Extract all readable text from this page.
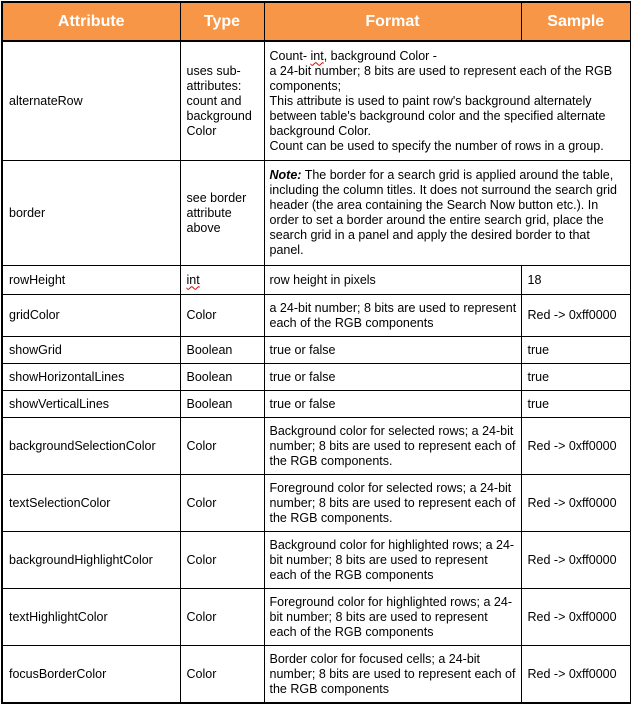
Attribute	Type	Format	Sample
alternateRow	uses sub-attributes: count and background Color	Count- int, background Color -
a 24-bit number; 8 bits are used to represent each of the RGB components;
This attribute is used to paint row's background alternately between table's background color and the specified alternate background Color.
Count can be used to specify the number of rows in a group.	

border	see border attribute above	Note: The border for a search grid is applied around the table, including the column titles. It does not surround the search grid header (the area containing the Search Now button etc.). In order to set a border around the entire search grid, place the search grid in a panel and apply the desired border to that panel.	
rowHeight	int	row height in pixels	18
gridColor	Color	a 24-bit number; 8 bits are used to represent each of the RGB components	Red -> 0xff0000
showGrid	Boolean	true or false	true
showHorizontalLines	Boolean	true or false	true
showVerticalLines	Boolean	true or false	true
backgroundSelectionColor	Color	Background color for selected rows; a 24-bit number; 8 bits are used to represent each of the RGB components.	Red -> 0xff0000
textSelectionColor	Color	Foreground color for selected rows; a 24-bit number; 8 bits are used to represent each of the RGB components.	Red -> 0xff0000
backgroundHighlightColor	Color	Background color for highlighted rows; a 24-bit number; 8 bits are used to represent each of the RGB components	Red -> 0xff0000
textHighlightColor	Color	Foreground color for highlighted rows; a 24-bit number; 8 bits are used to represent each of the RGB components	Red -> 0xff0000
focusBorderColor	Color	Border color for focused cells; a 24-bit number; 8 bits are used to represent each of the RGB components	Red -> 0xff0000
